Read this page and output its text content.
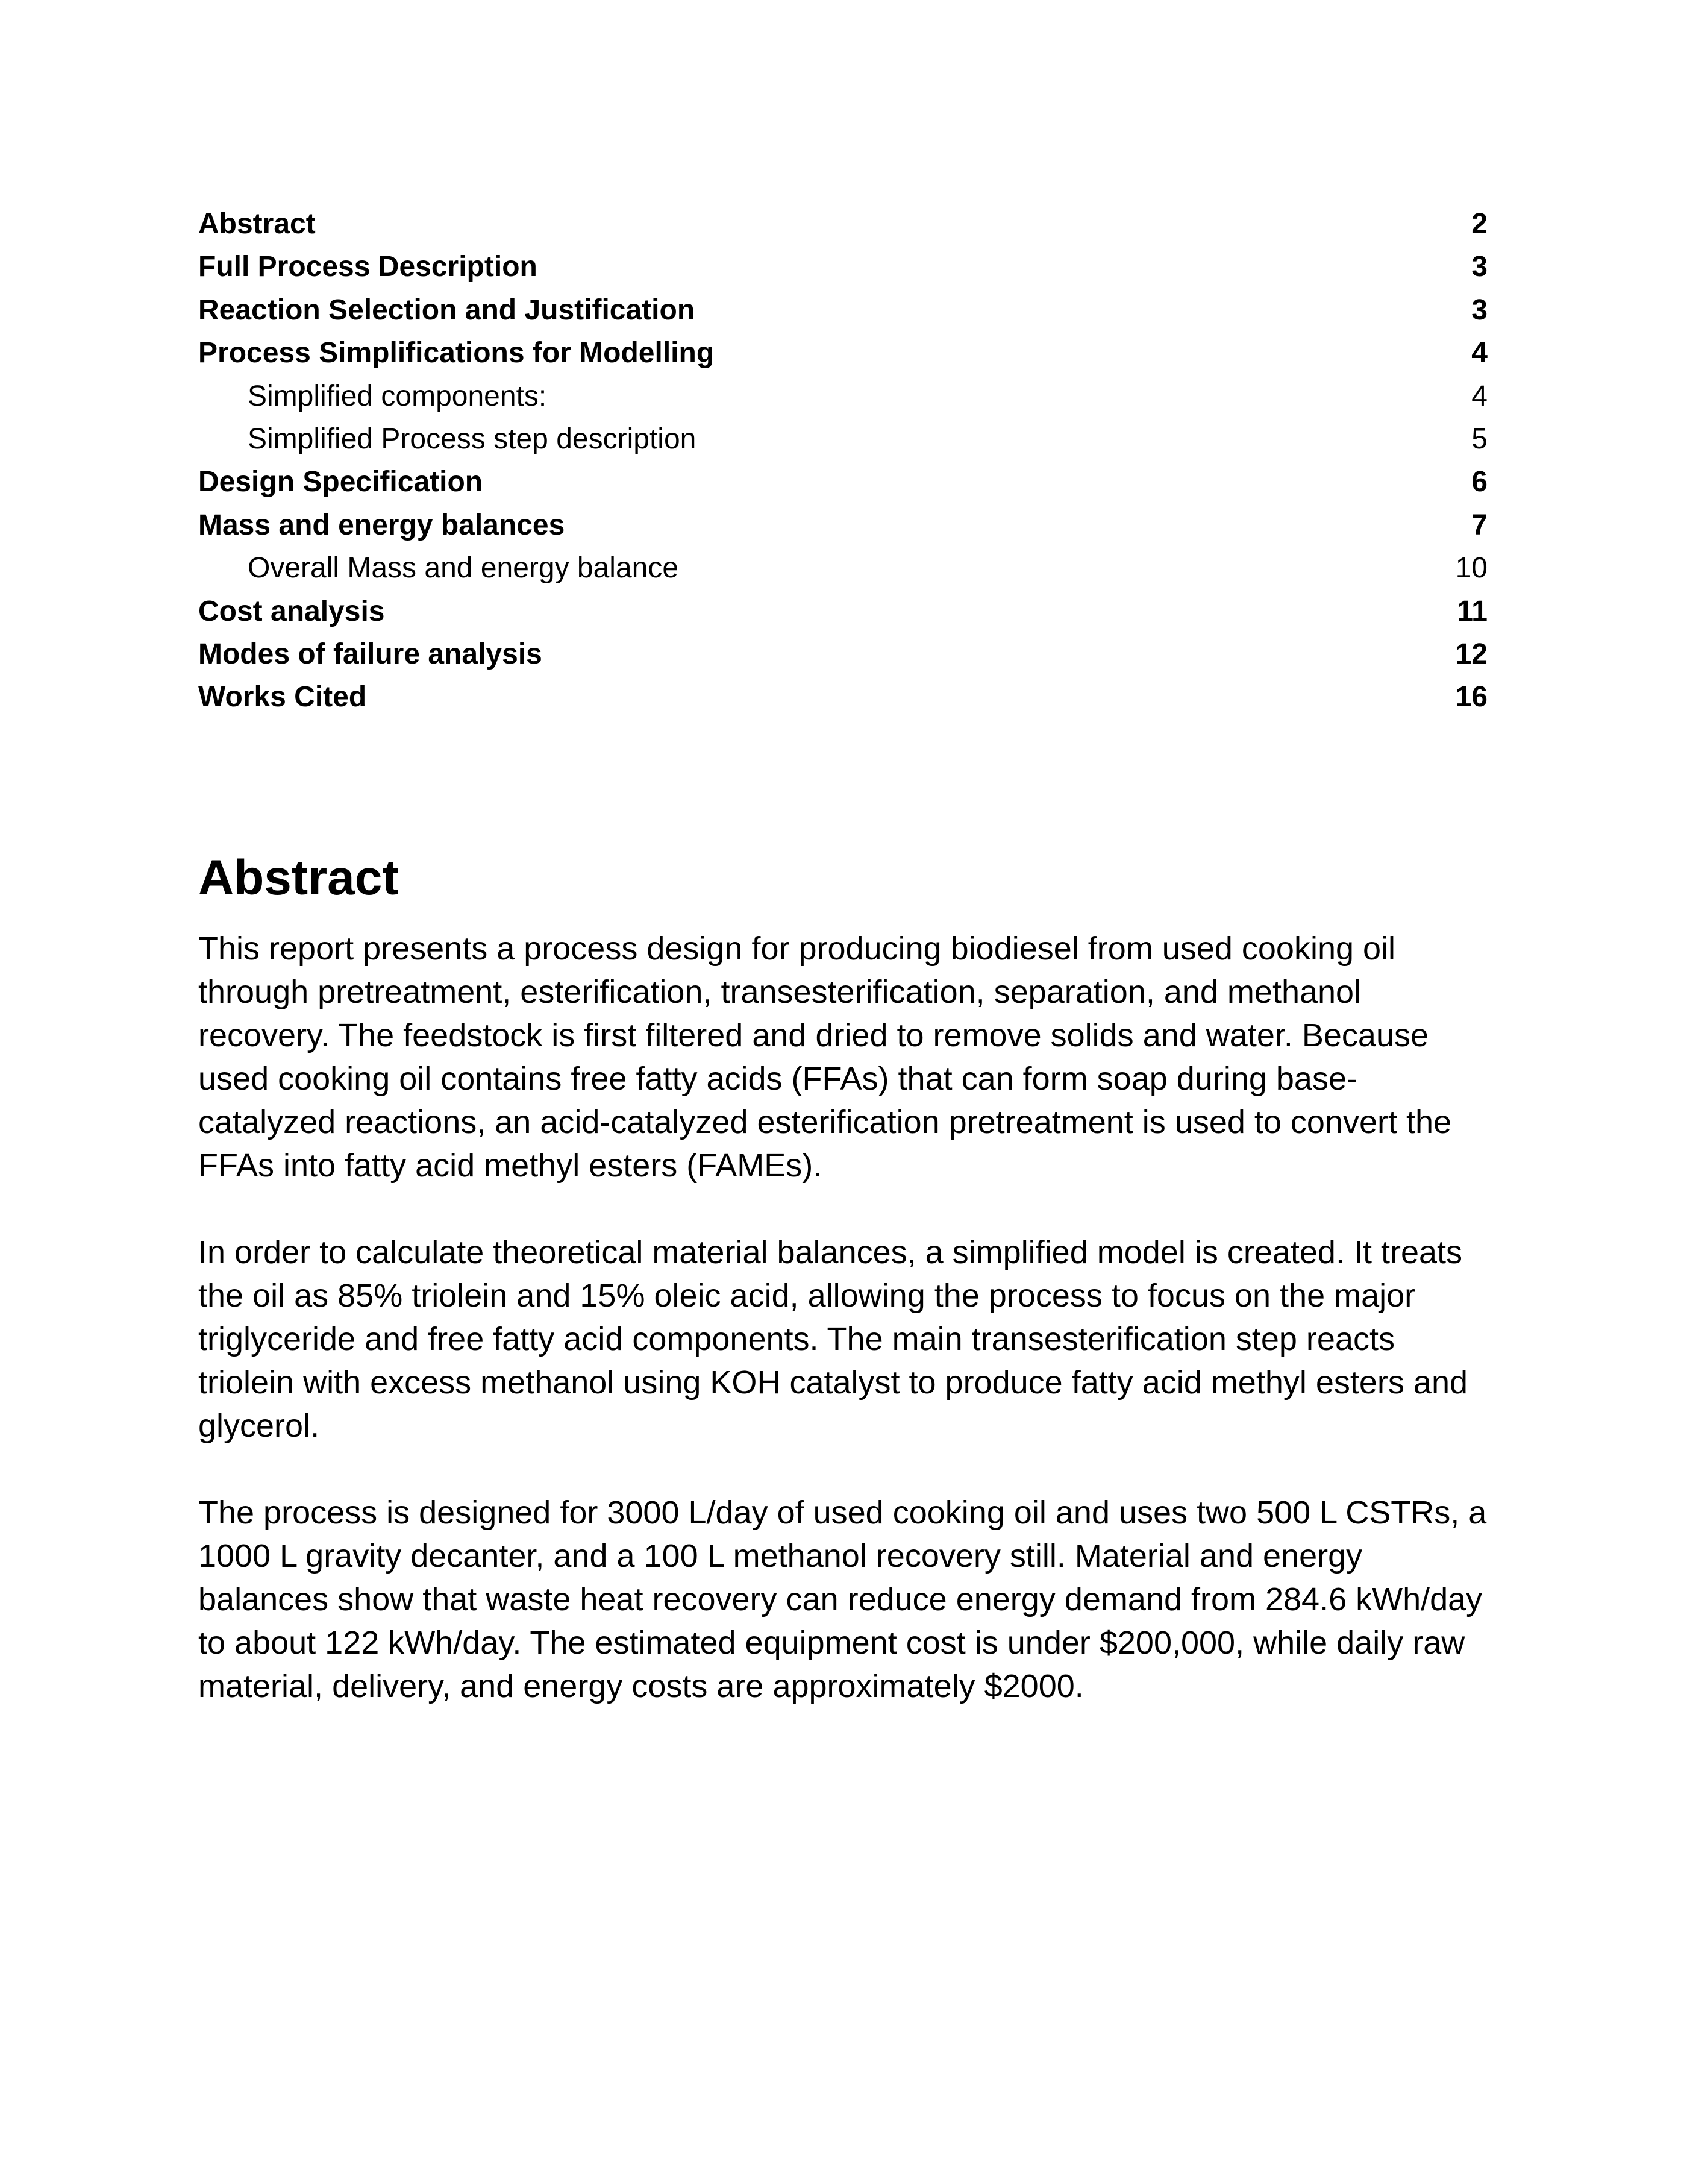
Abstract	2
Full Process Description	3
Reaction Selection and Justification	3
Process Simplifications for Modelling	4
Simplified components:	4
Simplified Process step description	5
Design Specification	6
Mass and energy balances	7
Overall Mass and energy balance	10
Cost analysis	11
Modes of failure analysis	12
Works Cited	16
Abstract

This report presents a process design for producing biodiesel from used cooking oil through pretreatment, esterification, transesterification, separation, and methanol recovery. The feedstock is first filtered and dried to remove solids and water. Because used cooking oil contains free fatty acids (FFAs) that can form soap during base-catalyzed reactions, an acid-catalyzed esterification pretreatment is used to convert the FFAs into fatty acid methyl esters (FAMEs).

In order to calculate theoretical material balances, a simplified model is created. It treats the oil as 85% triolein and 15% oleic acid, allowing the process to focus on the major triglyceride and free fatty acid components. The main transesterification step reacts triolein with excess methanol using KOH catalyst to produce fatty acid methyl esters and glycerol.

The process is designed for 3000 L/day of used cooking oil and uses two 500 L CSTRs, a 1000 L gravity decanter, and a 100 L methanol recovery still. Material and energy balances show that waste heat recovery can reduce energy demand from 284.6 kWh/day to about 122 kWh/day. The estimated equipment cost is under $200,000, while daily raw material, delivery, and energy costs are approximately $2000.
